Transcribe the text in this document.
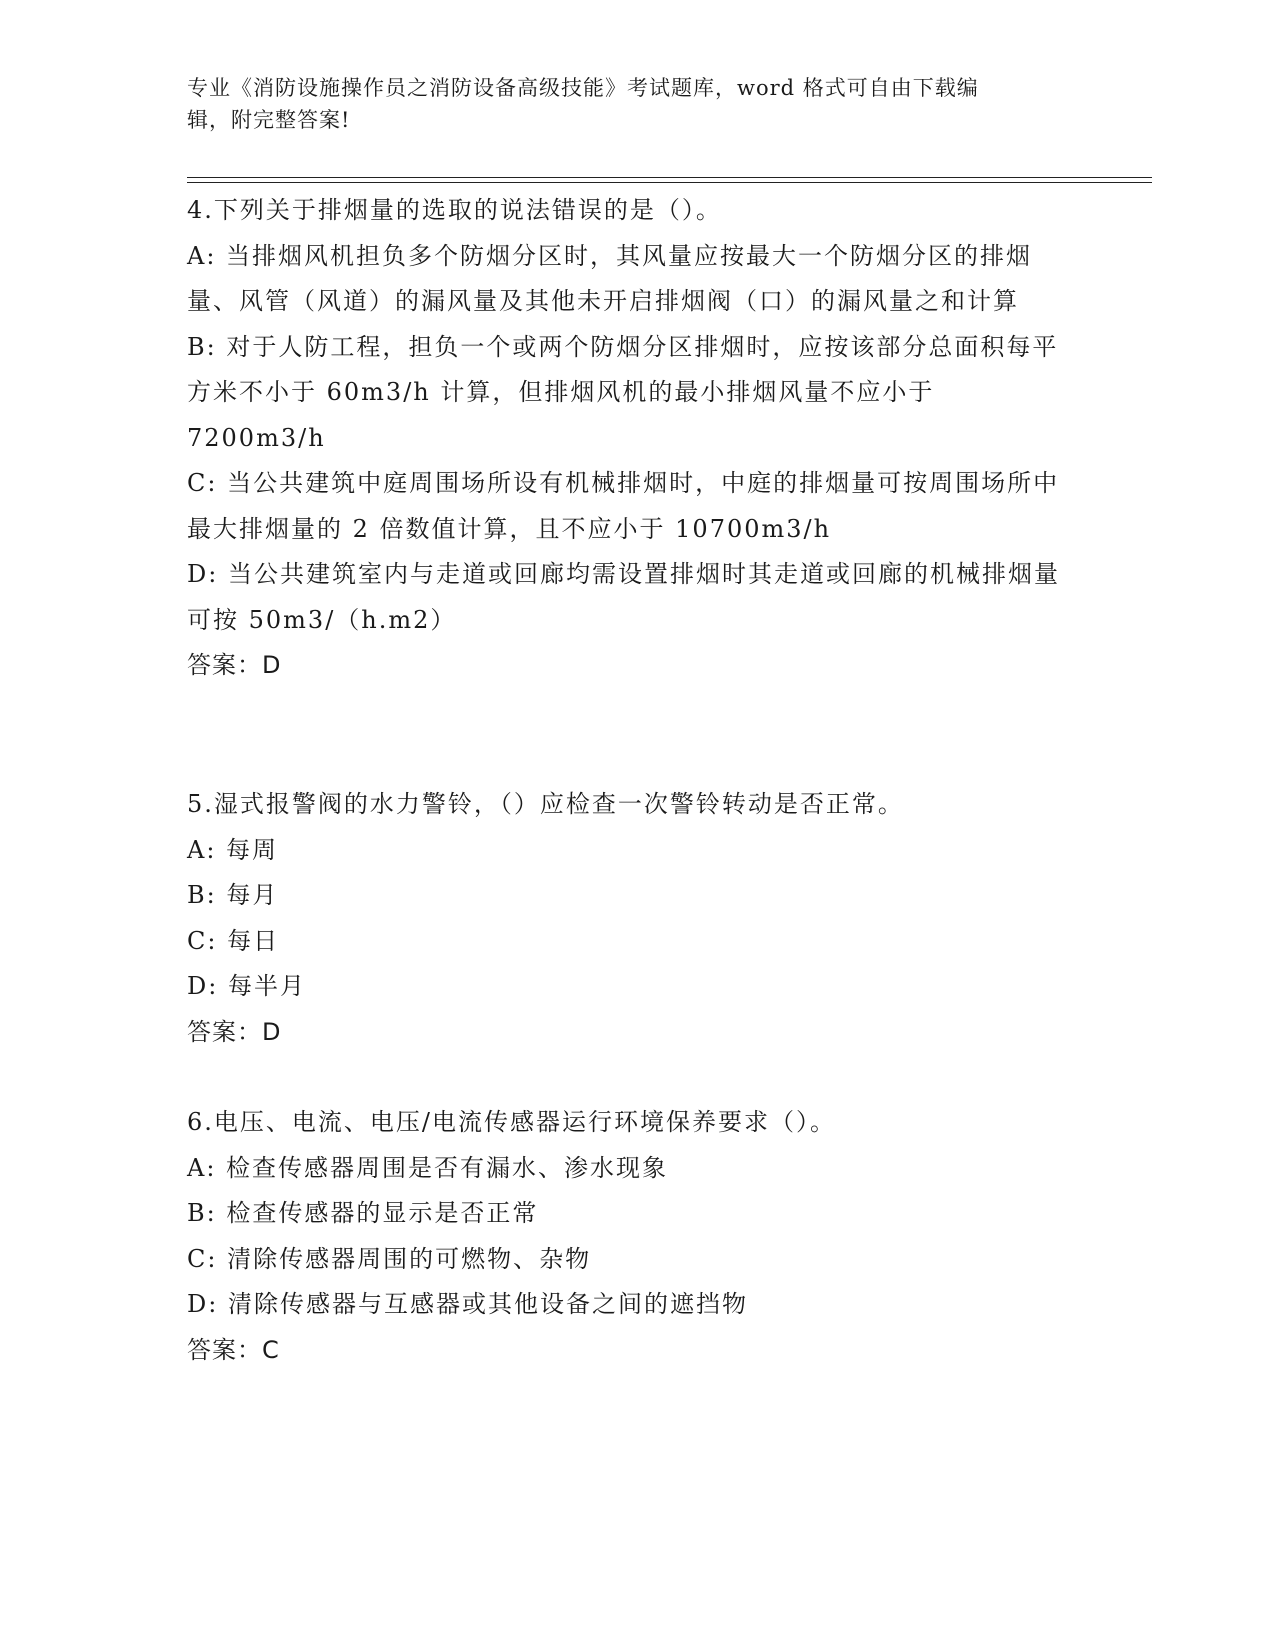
专业《消防设施操作员之消防设备高级技能》考试题库，word 格式可自由下载编
辑，附完整答案!
4.下列关于排烟量的选取的说法错误的是（）。
A: 当排烟风机担负多个防烟分区时，其风量应按最大一个防烟分区的排烟量、风管（风道）的漏风量及其他未开启排烟阀（口）的漏风量之和计算
B: 对于人防工程，担负一个或两个防烟分区排烟时，应按该部分总面积每平方米不小于 60m3/h 计算，但排烟风机的最小排烟风量不应小于 7200m3/h
C: 当公共建筑中庭周围场所设有机械排烟时，中庭的排烟量可按周围场所中最大排烟量的 2 倍数值计算，且不应小于 10700m3/h
D: 当公共建筑室内与走道或回廊均需设置排烟时其走道或回廊的机械排烟量可按 50m3/（h.m2）
答案：D
5.湿式报警阀的水力警铃，（）应检查一次警铃转动是否正常。
A: 每周
B: 每月
C: 每日
D: 每半月
答案：D
6.电压、电流、电压/电流传感器运行环境保养要求（）。
A: 检查传感器周围是否有漏水、渗水现象
B: 检查传感器的显示是否正常
C: 清除传感器周围的可燃物、杂物
D: 清除传感器与互感器或其他设备之间的遮挡物
答案：C
